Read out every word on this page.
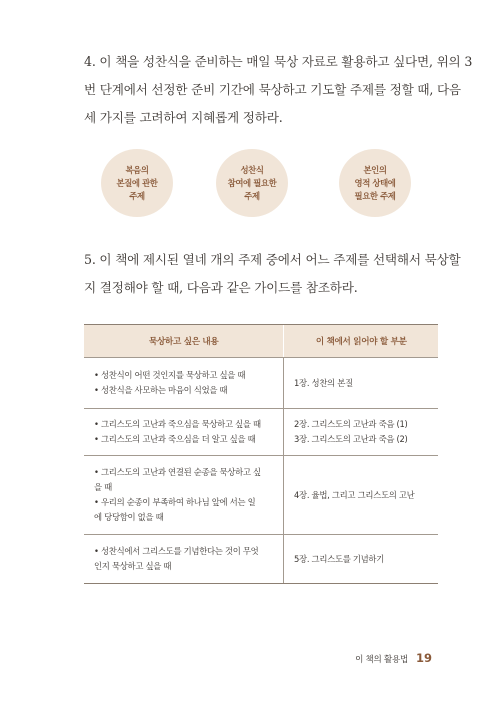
4. 이 책을 성찬식을 준비하는 매일 묵상 자료로 활용하고 싶다면, 위의 3
번 단계에서 선정한 준비 기간에 묵상하고 기도할 주제를 정할 때, 다음
세 가지를 고려하여 지혜롭게 정하라.
복음의
본질에 관한
주제
성찬식
참여에 필요한
주제
본인의
영적 상태에
필요한 주제
5. 이 책에 제시된 열네 개의 주제 중에서 어느 주제를 선택해서 묵상할
지 결정해야 할 때, 다음과 같은 가이드를 참조하라.
묵상하고 싶은 내용	이 책에서 읽어야 할 부분
• 성찬식이 어떤 것인지를 묵상하고 싶을 때
• 성찬식을 사모하는 마음이 식었을 때
1장. 성찬의 본질
• 그리스도의 고난과 죽으심을 묵상하고 싶을 때
• 그리스도의 고난과 죽으심을 더 알고 싶을 때
2장. 그리스도의 고난과 죽음 (1)
3장. 그리스도의 고난과 죽음 (2)
• 그리스도의 고난과 연결된 순종을 묵상하고 싶
을 때
• 우리의 순종이 부족하여 하나님 앞에 서는 일
에 당당함이 없을 때
4장. 율법, 그리고 그리스도의 고난
• 성찬식에서 그리스도를 기념한다는 것이 무엇
인지 묵상하고 싶을 때
5장. 그리스도를 기념하기
이 책의 활용법 19
